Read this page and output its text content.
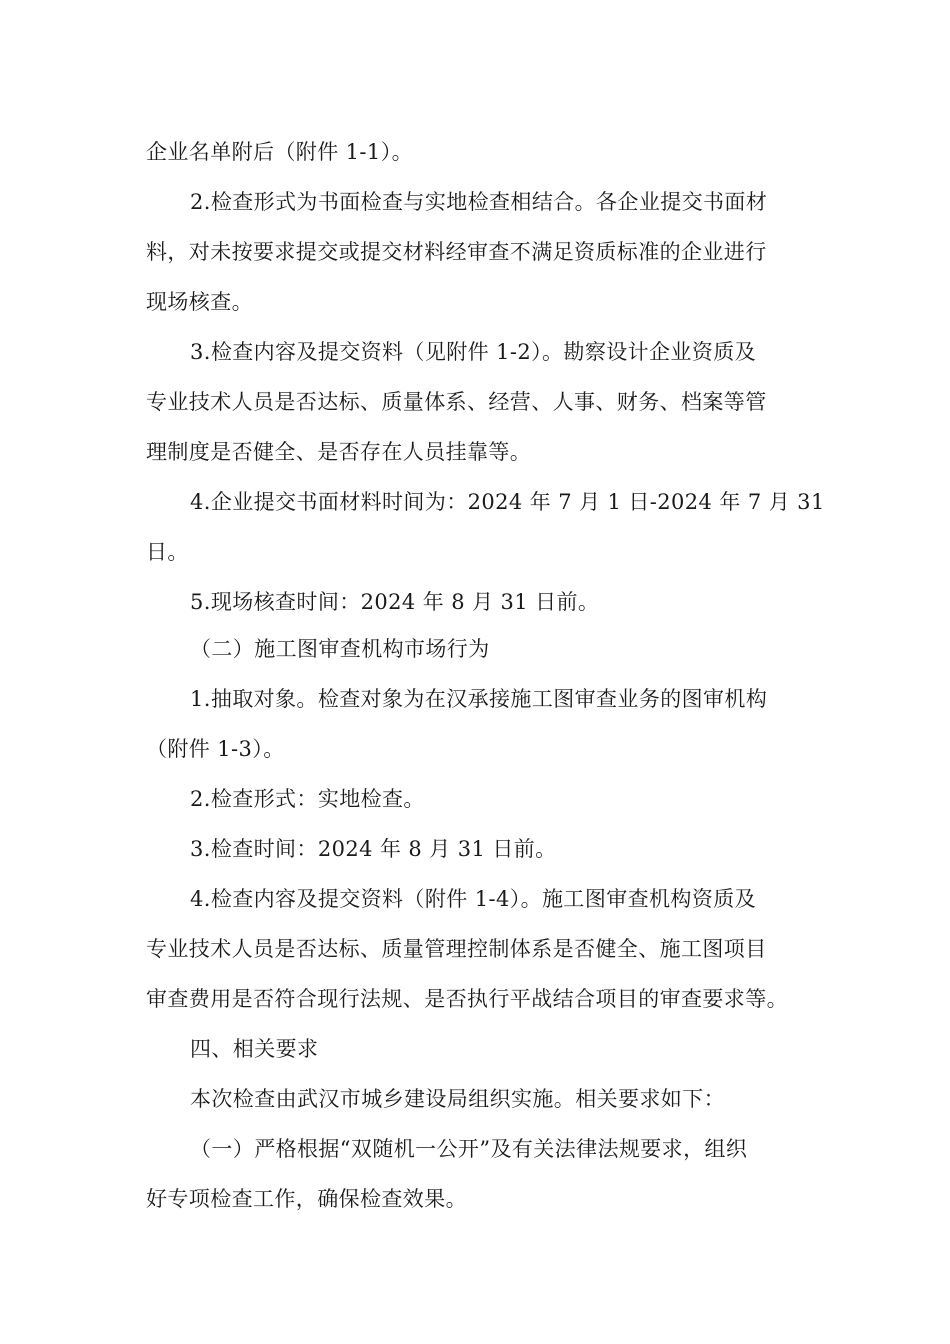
企业名单附后（附件 1-1）。
2.检查形式为书面检查与实地检查相结合。各企业提交书面材
料，对未按要求提交或提交材料经审查不满足资质标准的企业进行
现场核查。
3.检查内容及提交资料（见附件 1-2）。勘察设计企业资质及
专业技术人员是否达标、质量体系、经营、人事、财务、档案等管
理制度是否健全、是否存在人员挂靠等。
4.企业提交书面材料时间为：2024 年 7 月 1 日-2024 年 7 月 31
日。
5.现场核查时间：2024 年 8 月 31 日前。
（二）施工图审查机构市场行为
1.抽取对象。检查对象为在汉承接施工图审查业务的图审机构
（附件 1-3）。
2.检查形式：实地检查。
3.检查时间：2024 年 8 月 31 日前。
4.检查内容及提交资料（附件 1-4）。施工图审查机构资质及
专业技术人员是否达标、质量管理控制体系是否健全、施工图项目
审查费用是否符合现行法规、是否执行平战结合项目的审查要求等。
四、相关要求
本次检查由武汉市城乡建设局组织实施。相关要求如下：
（一）严格根据“双随机一公开”及有关法律法规要求，组织
好专项检查工作，确保检查效果。
